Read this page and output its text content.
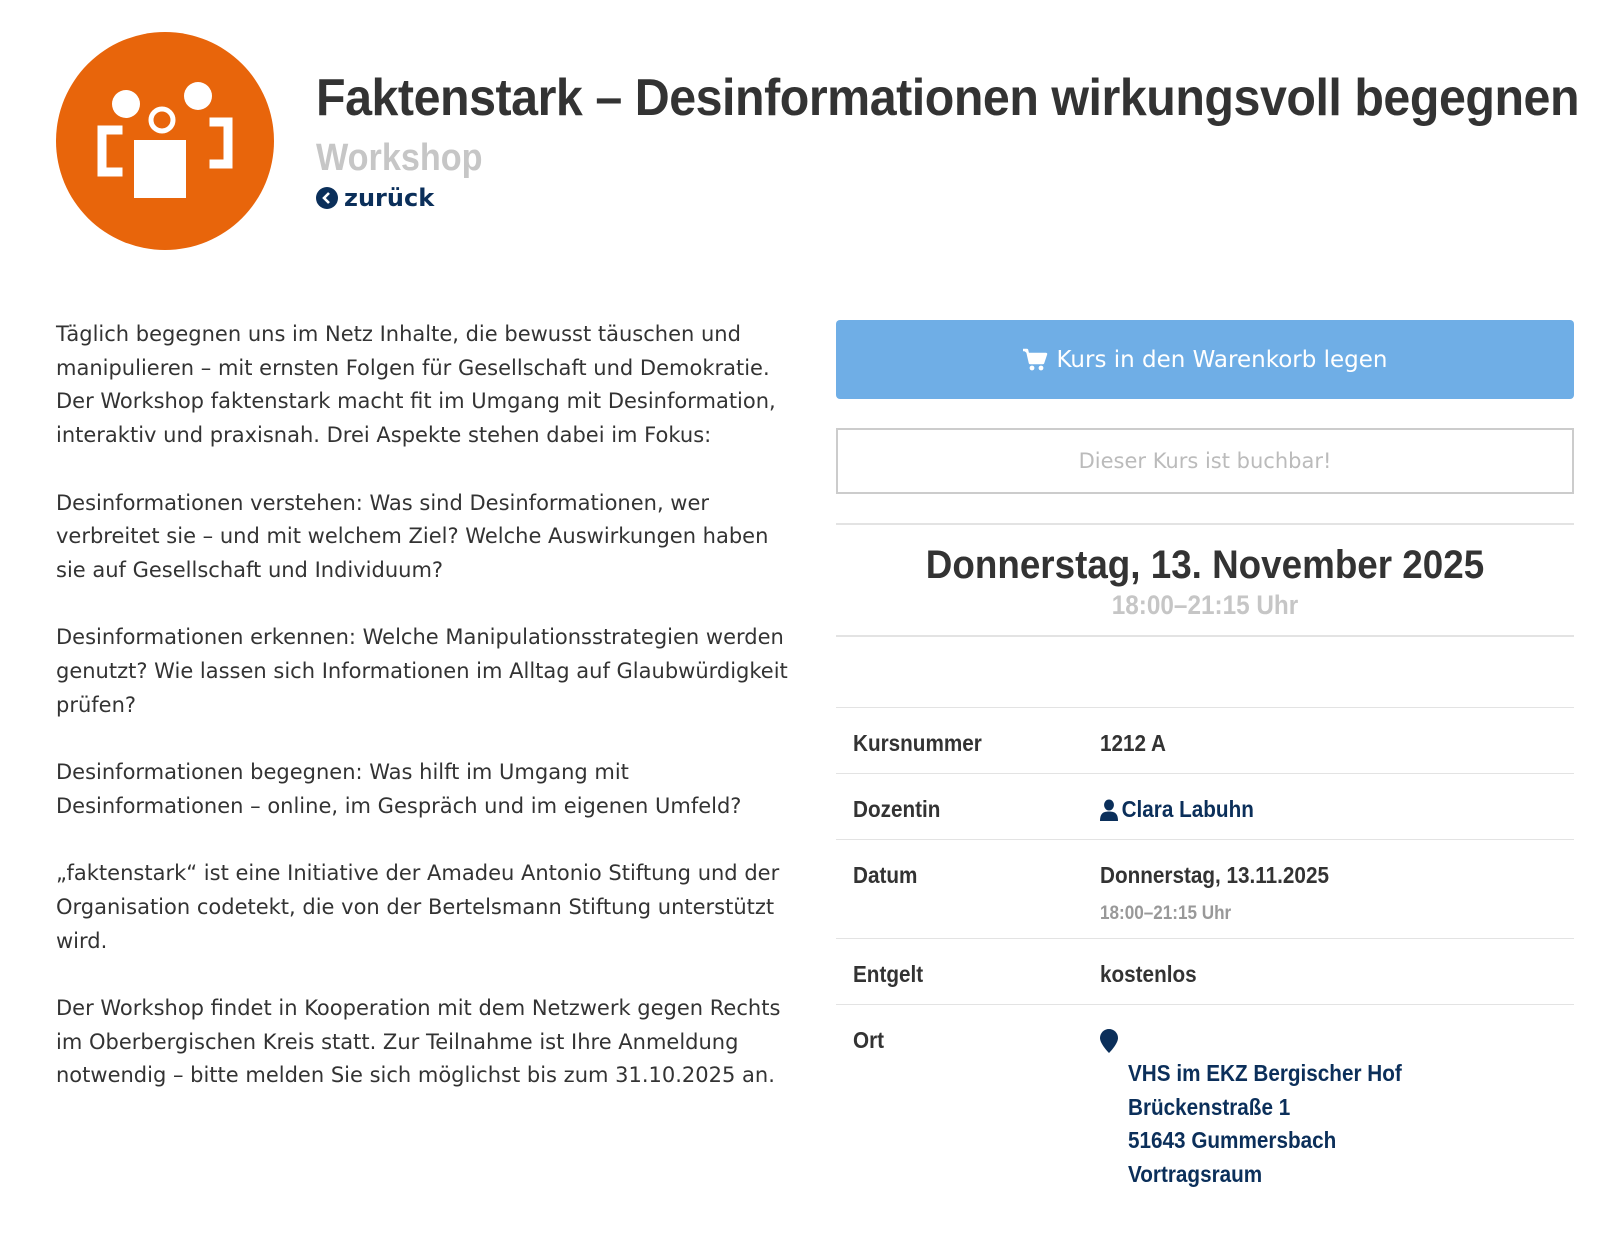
Faktenstark – Desinformationen wirkungsvoll begegnen
Workshop
zurück

Täglich begegnen uns im Netz Inhalte, die bewusst täuschen und manipulieren – mit ernsten Folgen für Gesellschaft und Demokratie. Der Workshop faktenstark macht fit im Umgang mit Desinformation, interaktiv und praxisnah. Drei Aspekte stehen dabei im Fokus:

Desinformationen verstehen: Was sind Desinformationen, wer verbreitet sie – und mit welchem Ziel? Welche Auswirkungen haben sie auf Gesellschaft und Individuum?

Desinformationen erkennen: Welche Manipulationsstrategien werden genutzt? Wie lassen sich Informationen im Alltag auf Glaubwürdigkeit prüfen?

Desinformationen begegnen: Was hilft im Umgang mit Desinformationen – online, im Gespräch und im eigenen Umfeld?

„faktenstark“ ist eine Initiative der Amadeu Antonio Stiftung und der Organisation codetekt, die von der Bertelsmann Stiftung unterstützt wird.

Der Workshop findet in Kooperation mit dem Netzwerk gegen Rechts im Oberbergischen Kreis statt. Zur Teilnahme ist Ihre Anmeldung notwendig – bitte melden Sie sich möglichst bis zum 31.10.2025 an.

Kurs in den Warenkorb legen
Dieser Kurs ist buchbar!
Donnerstag, 13. November 2025
18:00–21:15 Uhr
Kursnummer	1212 A
Dozentin	Clara Labuhn
Datum	Donnerstag, 13.11.2025
18:00–21:15 Uhr
Entgelt	kostenlos
Ort
VHS im EKZ Bergischer Hof
Brückenstraße 1
51643 Gummersbach
Vortragsraum
